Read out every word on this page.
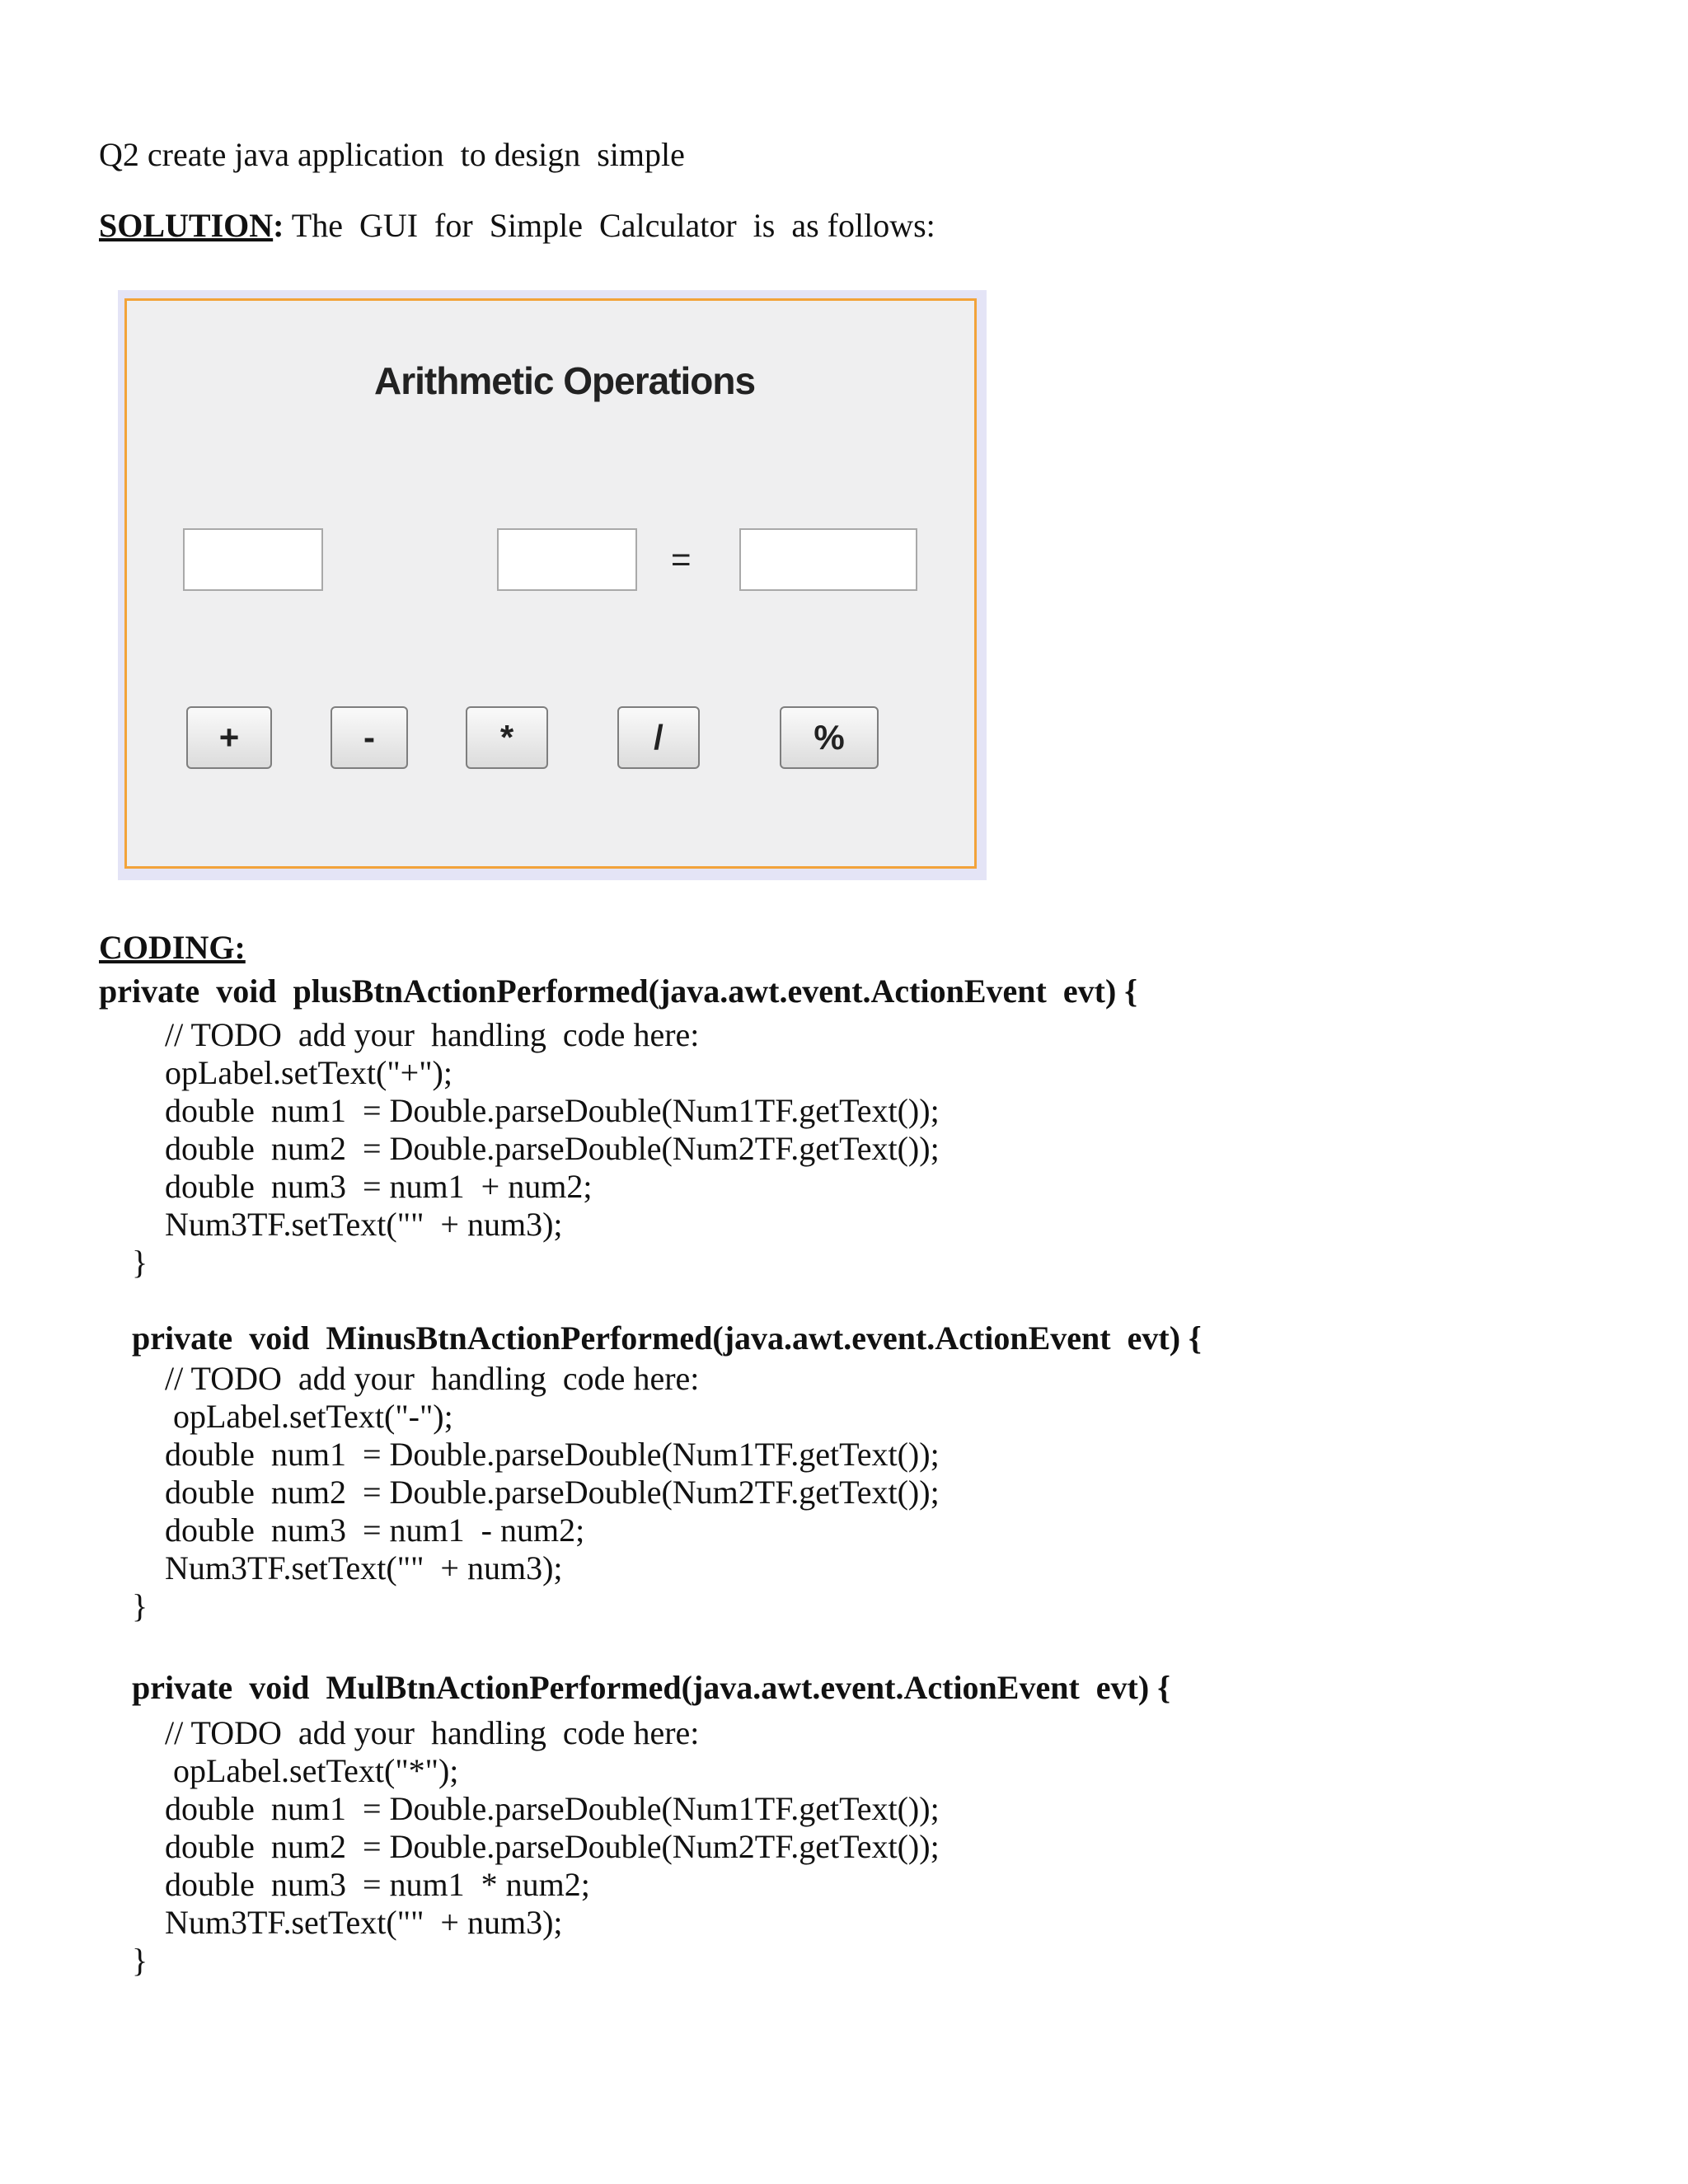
Q2 create java application  to design  simple
SOLUTION: The  GUI  for  Simple  Calculator  is  as follows:
Arithmetic Operations
=
+	-	*	/	%
CODING:
private  void  plusBtnActionPerformed(java.awt.event.ActionEvent  evt) {
// TODO  add your  handling  code here:
opLabel.setText("+");
double  num1  = Double.parseDouble(Num1TF.getText());
double  num2  = Double.parseDouble(Num2TF.getText());
double  num3  = num1  + num2;
Num3TF.setText(""  + num3);
}
private  void  MinusBtnActionPerformed(java.awt.event.ActionEvent  evt) {
// TODO  add your  handling  code here:
opLabel.setText("-");
double  num1  = Double.parseDouble(Num1TF.getText());
double  num2  = Double.parseDouble(Num2TF.getText());
double  num3  = num1  - num2;
Num3TF.setText(""  + num3);
}
private  void  MulBtnActionPerformed(java.awt.event.ActionEvent  evt) {
// TODO  add your  handling  code here:
opLabel.setText("*");
double  num1  = Double.parseDouble(Num1TF.getText());
double  num2  = Double.parseDouble(Num2TF.getText());
double  num3  = num1  * num2;
Num3TF.setText(""  + num3);
}
